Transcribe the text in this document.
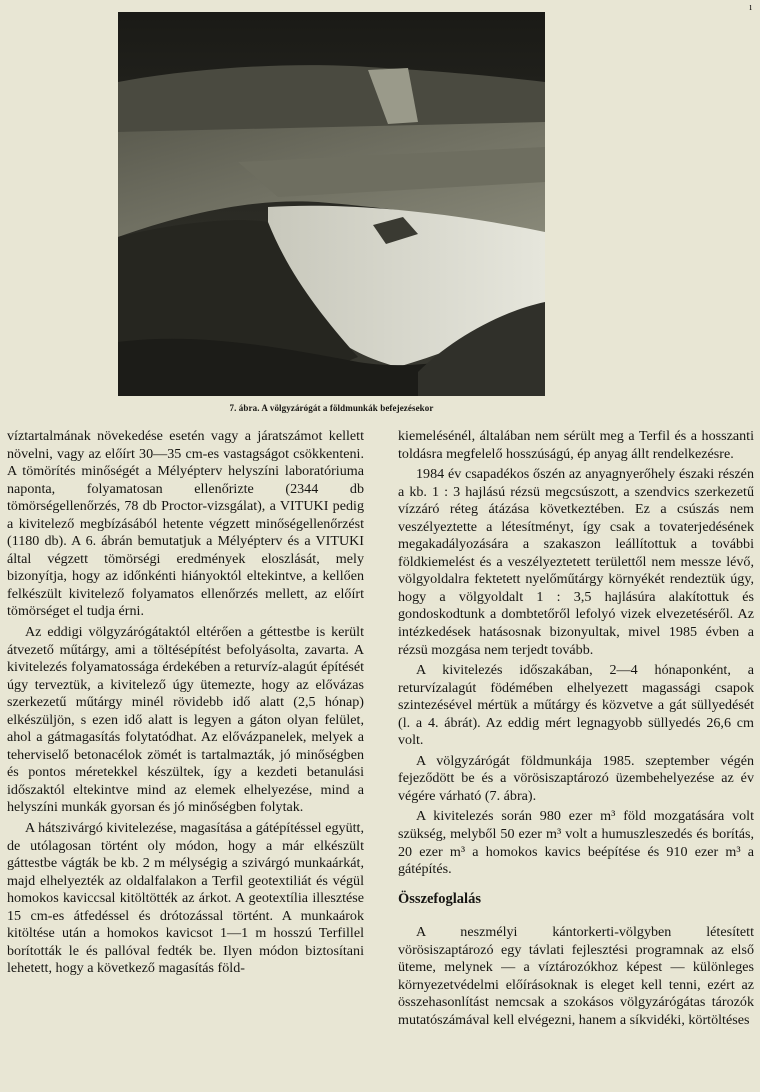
ı
7. ábra. A völgyzárógát a földmunkák befejezésekor

víztartalmának növekedése esetén vagy a járatszámot kellett növelni, vagy az előírt 30—35 cm-es vastagságot csökkenteni. A tömörítés minőségét a Mélyépterv helyszíni laboratóriuma naponta, folyamatosan ellenőrizte (2344 db tömörségellenőrzés, 78 db Proctor-vizsgálat), a VITUKI pedig a kivitelező megbízásából hetente végzett minőségellenőrzést (1180 db). A 6. ábrán bemutatjuk a Mélyépterv és a VITUKI által végzett tömörségi eredmények eloszlását, mely bizonyítja, hogy az időnkénti hiányoktól eltekintve, a kellően felkészült kivitelező folyamatos ellenőrzés mellett, az előírt tömörséget el tudja érni.

Az eddigi völgyzárógátaktól eltérően a géttestbe is került átvezető műtárgy, ami a töltésépítést befolyásolta, zavarta. A kivitelezés folyamatossága érdekében a returvíz-alagút építését úgy terveztük, a kivitelező úgy ütemezte, hogy az elővázas szerkezetű műtárgy minél rövidebb idő alatt (2,5 hónap) elkészüljön, s ezen idő alatt is legyen a gáton olyan felület, ahol a gátmagasítás folytatódhat. Az elővázpanelek, melyek a teherviselő betonacélok zömét is tartalmazták, jó minőségben és pontos méretekkel készültek, így a kezdeti betanulási időszaktól eltekintve mind az elemek elhelyezése, mind a helyszíni munkák gyorsan és jó minőségben folytak.

A hátszivárgó kivitelezése, magasítása a gátépítéssel együtt, de utólagosan történt oly módon, hogy a már elkészült gáttestbe vágták be kb. 2 m mélységig a szivárgó munkaárkát, majd elhelyezték az oldalfalakon a Terfil geotextiliát és végül homokos kaviccsal kitöltötték az árkot. A geotextília illesztése 15 cm-es átfedéssel és drótozással történt. A munkaárok kitöltése után a homokos kavicsot 1—1 m hosszú Terfillel borították le és pallóval fedték be. Ilyen módon biztosítani lehetett, hogy a következő magasítás föld-

kiemelésénél, általában nem sérült meg a Terfil és a hosszanti toldásra megfelelő hosszúságú, ép anyag állt rendelkezésre.

1984 év csapadékos őszén az anyagnyerőhely északi részén a kb. 1 : 3 hajlású rézsü megcsúszott, a szendvics szerkezetű vízzáró réteg átázása következtében. Ez a csúszás nem veszélyeztette a létesítményt, így csak a tovaterjedésének megakadályozására a szakaszon leállítottuk a további földkiemelést és a veszélyeztetett területtől nem messze lévő, völgyoldalra fektetett nyelőműtárgy környékét rendeztük úgy, hogy a völgyoldalt 1 : 3,5 hajlásúra alakítottuk és gondoskodtunk a dombtetőről lefolyó vizek elvezetéséről. Az intézkedések hatásosnak bizonyultak, mivel 1985 évben a rézsü mozgása nem terjedt tovább.

A kivitelezés időszakában, 2—4 hónaponként, a returvízalagút födémében elhelyezett magassági csapok szintezésével mértük a műtárgy és közvetve a gát süllyedését (l. a 4. ábrát). Az eddig mért legnagyobb süllyedés 26,6 cm volt.

A völgyzárógát földmunkája 1985. szeptember végén fejeződött be és a vörösiszaptározó üzembehelyezése az év végére várható (7. ábra).

A kivitelezés során 980 ezer m³ föld mozgatására volt szükség, melyből 50 ezer m³ volt a humuszleszedés és borítás, 20 ezer m³ a homokos kavics beépítése és 910 ezer m³ a gátépítés.

Összefoglalás

A neszmélyi kántorkerti-völgyben létesített vörösiszaptározó egy távlati fejlesztési programnak az első üteme, melynek — a víztározókhoz képest — különleges környezetvédelmi előírásoknak is eleget kell tenni, ezért az összehasonlítást nemcsak a szokásos völgyzárógátas tározók mutatószámával kell elvégezni, hanem a síkvidéki, körtöltéses
